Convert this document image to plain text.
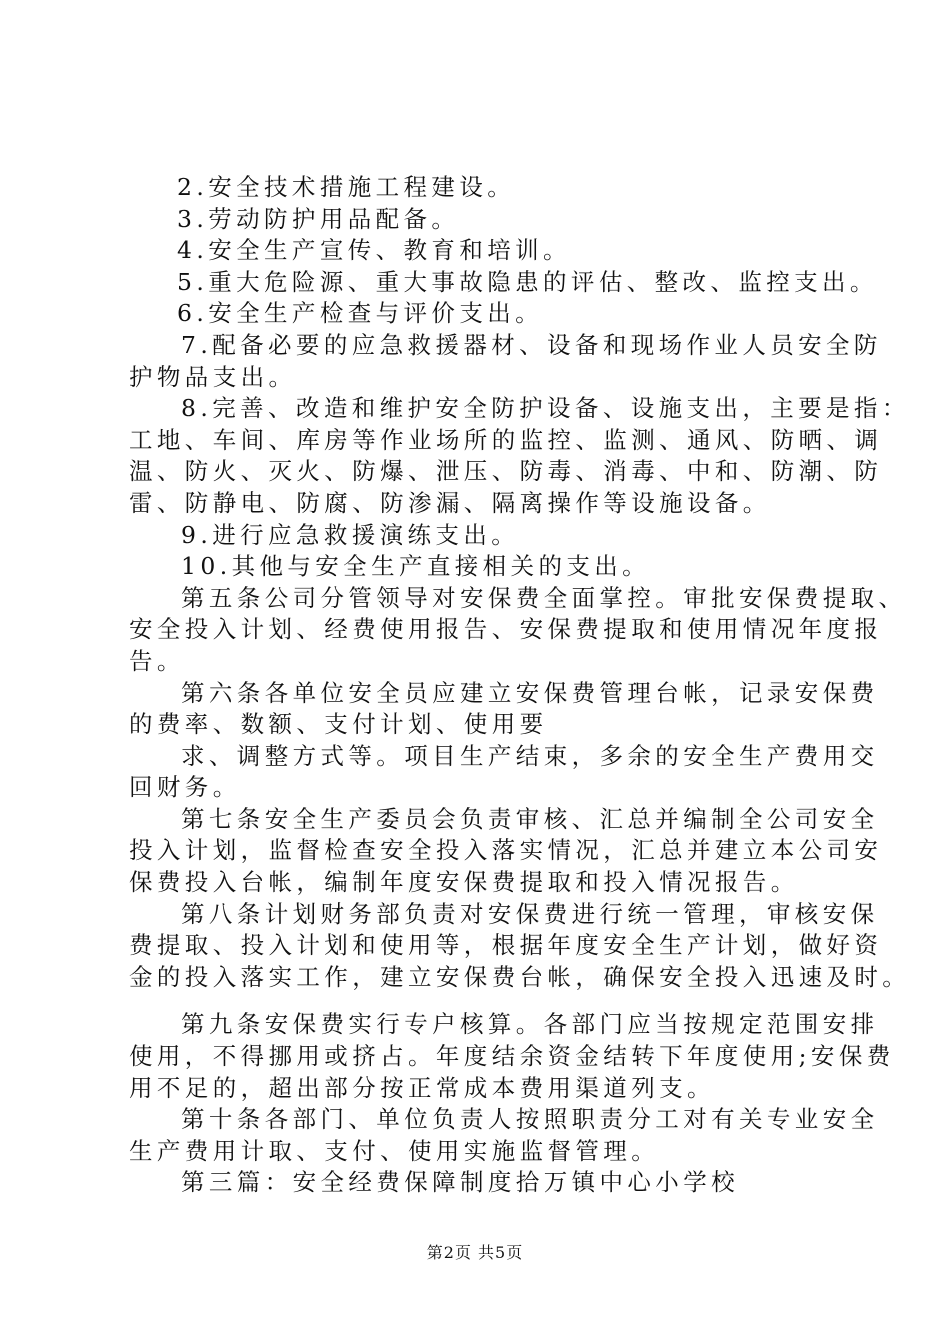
2.安全技术措施工程建设。
3.劳动防护用品配备。
4.安全生产宣传、教育和培训。
5.重大危险源、重大事故隐患的评估、整改、监控支出。
6.安全生产检查与评价支出。
7.配备必要的应急救援器材、设备和现场作业人员安全防
护物品支出。
8.完善、改造和维护安全防护设备、设施支出，主要是指：
工地、车间、库房等作业场所的监控、监测、通风、防晒、调
温、防火、灭火、防爆、泄压、防毒、消毒、中和、防潮、防
雷、防静电、防腐、防渗漏、隔离操作等设施设备。
9.进行应急救援演练支出。
10.其他与安全生产直接相关的支出。
第五条公司分管领导对安保费全面掌控。审批安保费提取、
安全投入计划、经费使用报告、安保费提取和使用情况年度报
告。
第六条各单位安全员应建立安保费管理台帐，记录安保费
的费率、数额、支付计划、使用要
求、调整方式等。项目生产结束，多余的安全生产费用交
回财务。
第七条安全生产委员会负责审核、汇总并编制全公司安全
投入计划，监督检查安全投入落实情况，汇总并建立本公司安
保费投入台帐，编制年度安保费提取和投入情况报告。
第八条计划财务部负责对安保费进行统一管理，审核安保
费提取、投入计划和使用等，根据年度安全生产计划，做好资
金的投入落实工作，建立安保费台帐，确保安全投入迅速及时。
第九条安保费实行专户核算。各部门应当按规定范围安排
使用，不得挪用或挤占。年度结余资金结转下年度使用;安保费
用不足的，超出部分按正常成本费用渠道列支。
第十条各部门、单位负责人按照职责分工对有关专业安全
生产费用计取、支付、使用实施监督管理。
第三篇：安全经费保障制度拾万镇中心小学校
第2页 共5页
